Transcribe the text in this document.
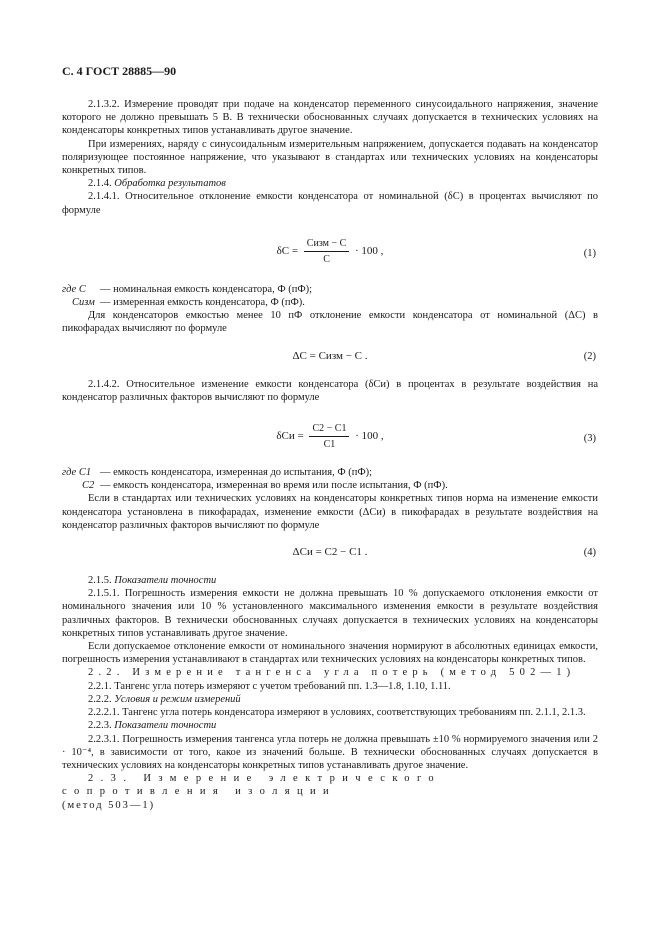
С. 4 ГОСТ 28885—90

2.1.3.2. Измерение проводят при подаче на конденсатор переменного синусоидального напряжения, значение которого не должно превышать 5 В. В технически обоснованных случаях допускается в технических условиях на конденсаторы конкретных типов устанавливать другое значение.

При измерениях, наряду с синусоидальным измерительным напряжением, допускается подавать на конденсатор поляризующее постоянное напряжение, что указывают в стандартах или технических условиях на конденсаторы конкретных типов.

2.1.4. Обработка результатов

2.1.4.1. Относительное отклонение емкости конденсатора от номинальной (δC) в процентах вычисляют по формуле

$\delta C = \frac{\text{Cизм − C}}{C} \cdot 100$ ,	(1)

где C	— номинальная емкость конденсатора, Ф (пФ);

Cизм — измеренная емкость конденсатора, Ф (пФ).

Для конденсаторов емкостью менее 10 пФ отклонение емкости конденсатора от номинальной (ΔC) в пикофарадах вычисляют по формуле

ΔC = Cизм − C .	(2)

2.1.4.2. Относительное изменение емкости конденсатора (δCи) в процентах в результате воздействия на конденсатор различных факторов вычисляют по формуле

$\delta Cи = \frac{C2 - C1}{C1} \cdot 100$ ,	(3)

где C1 — емкость конденсатора, измеренная до испытания, Ф (пФ);

C2 — емкость конденсатора, измеренная во время или после испытания, Ф (пФ).

Если в стандартах или технических условиях на конденсаторы конкретных типов норма на изменение емкости конденсатора установлена в пикофарадах, изменение емкости (ΔCи) в пикофарадах в результате воздействия на конденсатор различных факторов вычисляют по формуле

ΔCи = C2 − C1 .	(4)

2.1.5. Показатели точности

2.1.5.1. Погрешность измерения емкости не должна превышать 10 % допускаемого отклонения емкости от номинального значения или 10 % установленного максимального изменения емкости в результате воздействия различных факторов. В технически обоснованных случаях допускается в технических условиях на конденсаторы конкретных типов устанавливать другое значение.

Если допускаемое отклонение емкости от номинального значения нормируют в абсолютных единицах емкости, погрешность измерения устанавливают в стандартах или технических условиях на конденсаторы конкретных типов.

2.2. Измерение тангенса угла потерь (метод 502—1)

2.2.1. Тангенс угла потерь измеряют с учетом требований пп. 1.3—1.8, 1.10, 1.11.

2.2.2. Условия и режим измерений

2.2.2.1. Тангенс угла потерь конденсатора измеряют в условиях, соответствующих требованиям пп. 2.1.1, 2.1.3.

2.2.3. Показатели точности

2.2.3.1. Погрешность измерения тангенса угла потерь не должна превышать ±10 % нормируемого значения или 2 · 10⁻⁴, в зависимости от того, какое из значений больше. В технически обоснованных случаях допускается в технических условиях на конденсаторы конкретных типов устанавливать другое значение.

2.3. Измерение электрического сопротивления изоляции

(метод 503—1)
